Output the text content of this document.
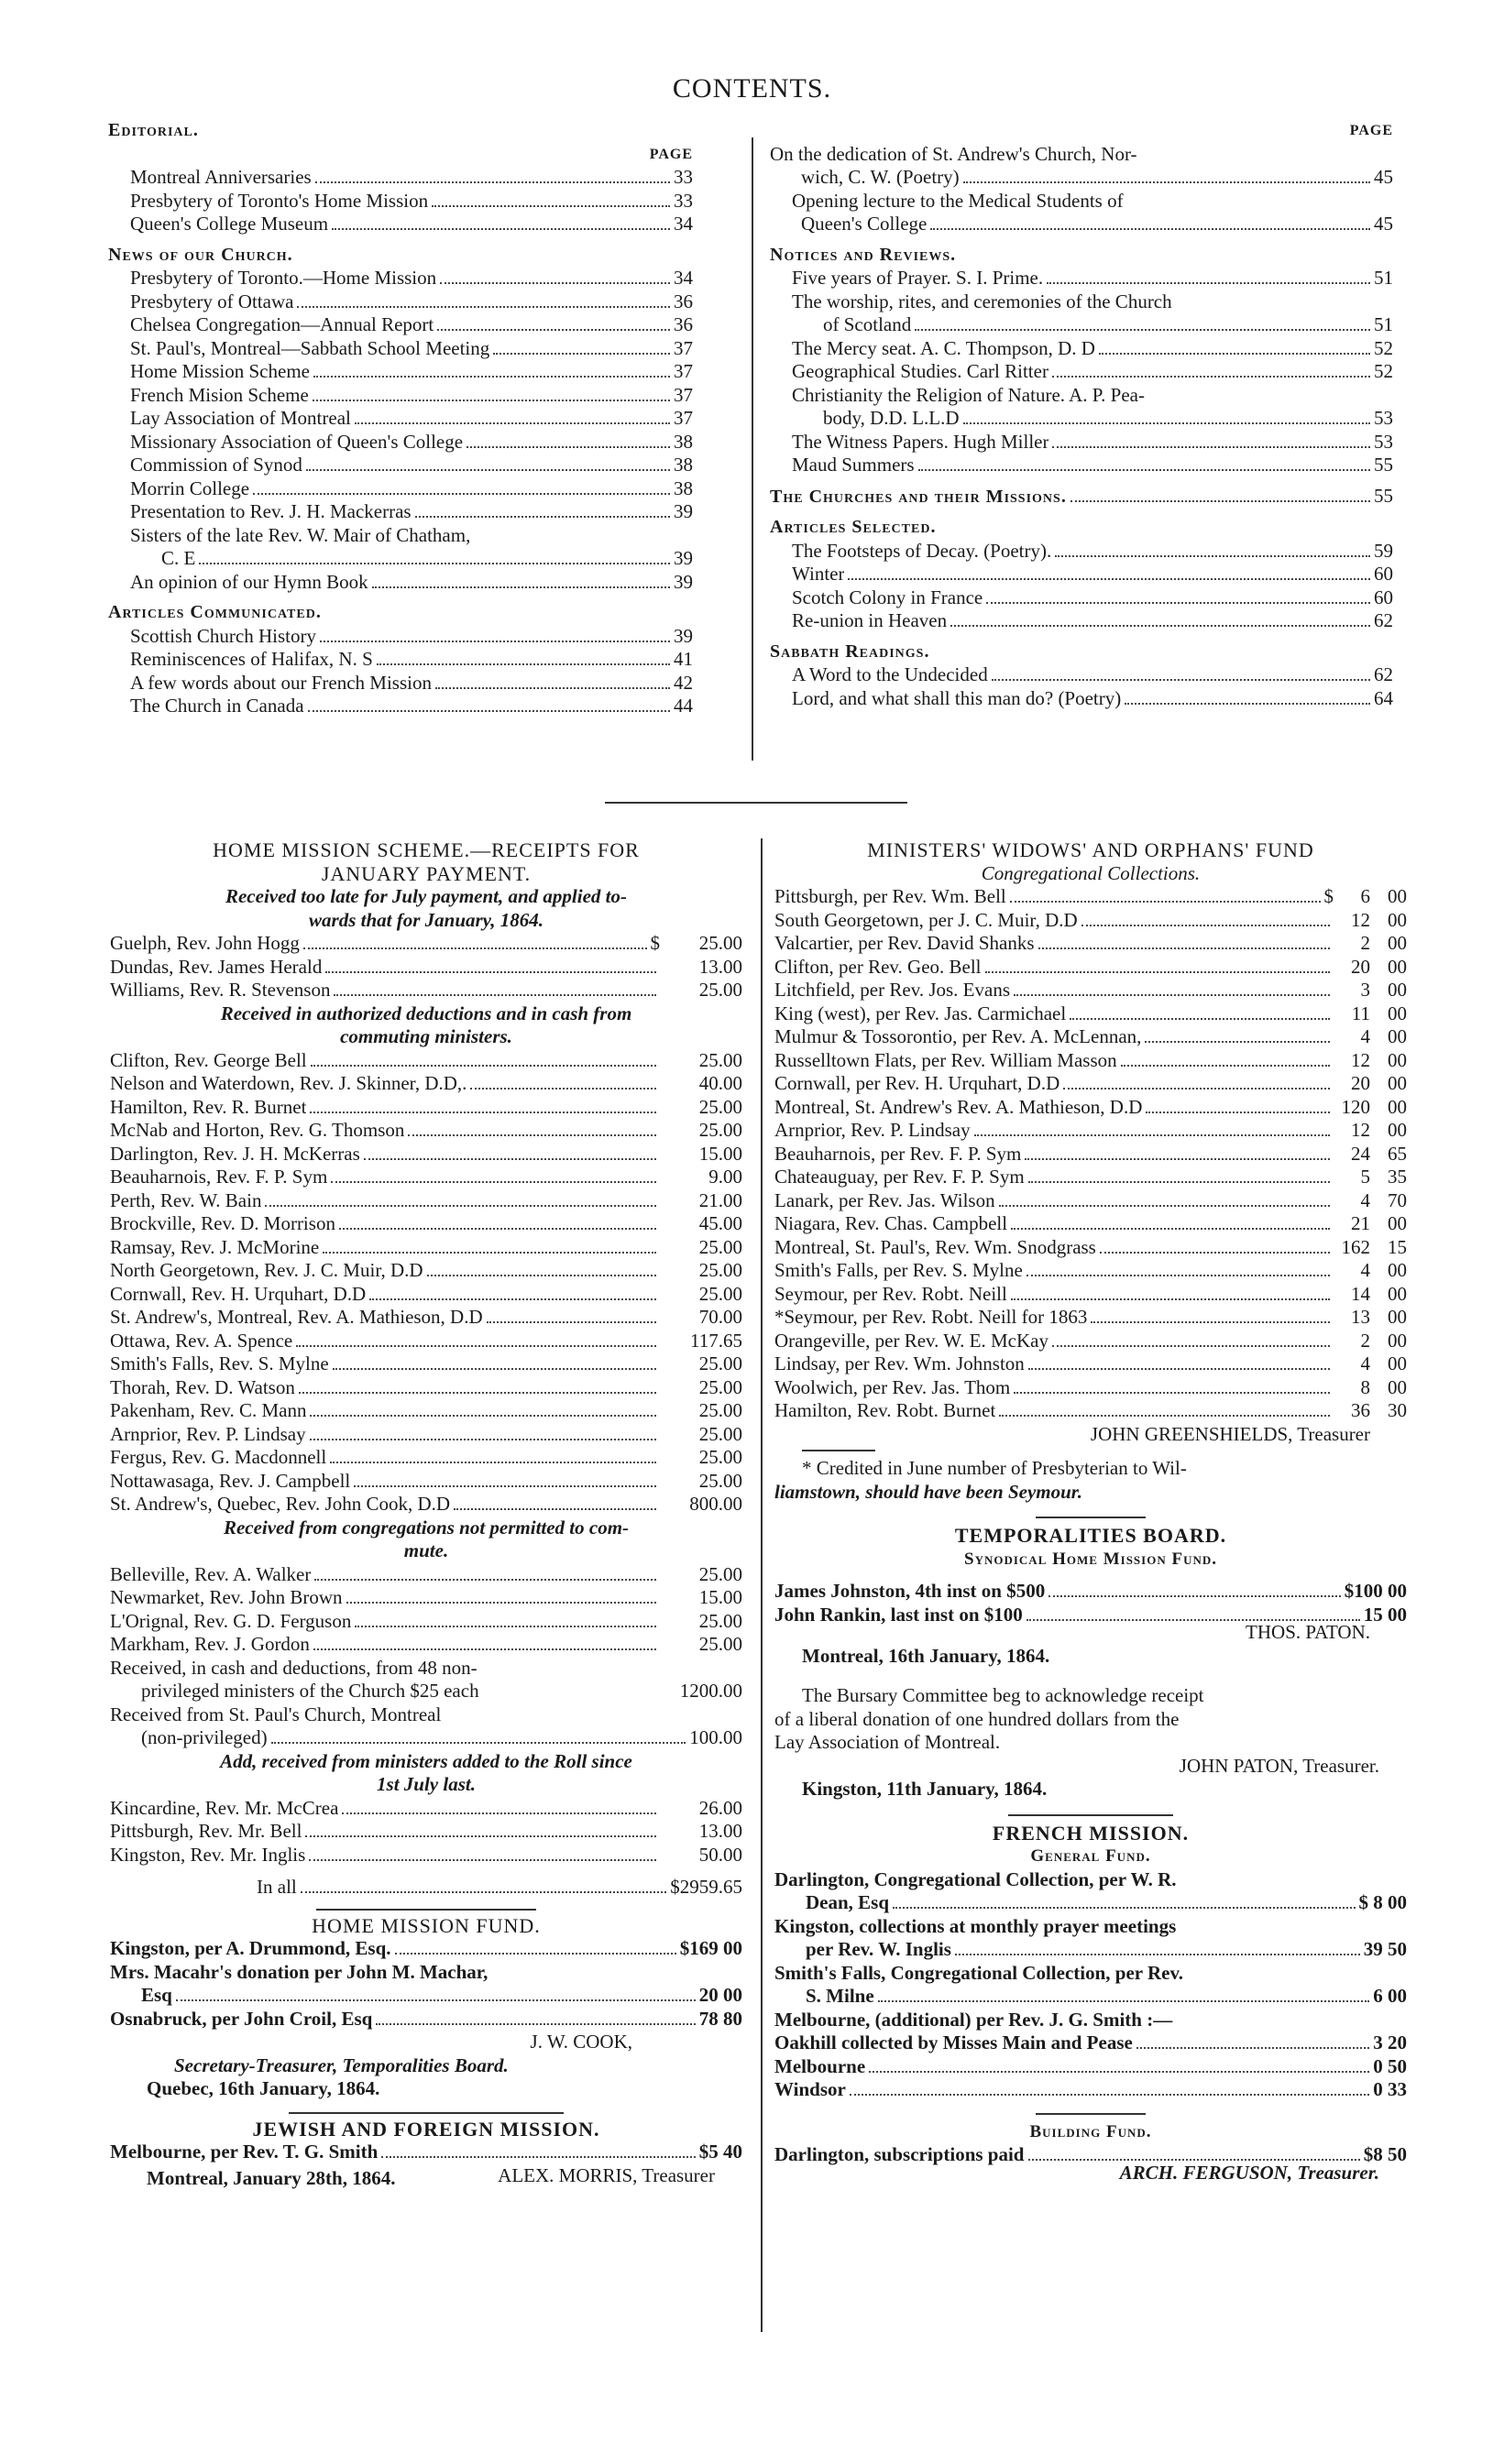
CONTENTS.
Editorial.
PAGE
Montreal Anniversaries	33
Presbytery of Toronto's Home Mission	33
Queen's College Museum	34
News of our Church.
Presbytery of Toronto.—Home Mission	34
Presbytery of Ottawa	36
Chelsea Congregation—Annual Report	36
St. Paul's, Montreal—Sabbath School Meeting	37
Home Mission Scheme	37
French Mision Scheme	37
Lay Association of Montreal	37
Missionary Association of Queen's College	38
Commission of Synod	38
Morrin College	38
Presentation to Rev. J. H. Mackerras	39
Sisters of the late Rev. W. Mair of Chatham,
C. E	39
An opinion of our Hymn Book	39
Articles Communicated.
Scottish Church History	39
Reminiscences of Halifax, N. S	41
A few words about our French Mission	42
The Church in Canada	44
PAGE
On the dedication of St. Andrew's Church, Nor-
wich, C. W. (Poetry)	45
Opening lecture to the Medical Students of
Queen's College	45
Notices and Reviews.
Five years of Prayer. S. I. Prime.	51
The worship, rites, and ceremonies of the Church
of Scotland	51
The Mercy seat. A. C. Thompson, D. D	52
Geographical Studies. Carl Ritter	52
Christianity the Religion of Nature. A. P. Pea-
body, D.D. L.L.D	53
The Witness Papers. Hugh Miller	53
Maud Summers	55
The Churches and their Missions.	55
Articles Selected.
The Footsteps of Decay. (Poetry).	59
Winter	60
Scotch Colony in France	60
Re-union in Heaven	62
Sabbath Readings.
A Word to the Undecided	62
Lord, and what shall this man do? (Poetry)	64
HOME MISSION SCHEME.—RECEIPTS FOR
JANUARY PAYMENT.
Received too late for July payment, and applied to-
wards that for January, 1864.
Guelph, Rev. John Hogg	$	25.00
Dundas, Rev. James Herald	13.00
Williams, Rev. R. Stevenson	25.00
Received in authorized deductions and in cash from
commuting ministers.
Clifton, Rev. George Bell	25.00
Nelson and Waterdown, Rev. J. Skinner, D.D,.	40.00
Hamilton, Rev. R. Burnet	25.00
McNab and Horton, Rev. G. Thomson	25.00
Darlington, Rev. J. H. McKerras	15.00
Beauharnois, Rev. F. P. Sym	9.00
Perth, Rev. W. Bain	21.00
Brockville, Rev. D. Morrison	45.00
Ramsay, Rev. J. McMorine	25.00
North Georgetown, Rev. J. C. Muir, D.D	25.00
Cornwall, Rev. H. Urquhart, D.D	25.00
St. Andrew's, Montreal, Rev. A. Mathieson, D.D	70.00
Ottawa, Rev. A. Spence	117.65
Smith's Falls, Rev. S. Mylne	25.00
Thorah, Rev. D. Watson	25.00
Pakenham, Rev. C. Mann	25.00
Arnprior, Rev. P. Lindsay	25.00
Fergus, Rev. G. Macdonnell	25.00
Nottawasaga, Rev. J. Campbell	25.00
St. Andrew's, Quebec, Rev. John Cook, D.D	800.00
Received from congregations not permitted to com-
mute.
Belleville, Rev. A. Walker	25.00
Newmarket, Rev. John Brown	15.00
L'Orignal, Rev. G. D. Ferguson	25.00
Markham, Rev. J. Gordon	25.00
Received, in cash and deductions, from 48 non-
privileged ministers of the Church $25 each	1200.00
Received from St. Paul's Church, Montreal
(non-privileged)	100.00
Add, received from ministers added to the Roll since
1st July last.
Kincardine, Rev. Mr. McCrea	26.00
Pittsburgh, Rev. Mr. Bell	13.00
Kingston, Rev. Mr. Inglis	50.00
In all	$2959.65
HOME MISSION FUND.
Kingston, per A. Drummond, Esq.	$169 00
Mrs. Macahr's donation per John M. Machar,
Esq	20 00
Osnabruck, per John Croil, Esq	78 80
J. W. COOK,
Secretary-Treasurer, Temporalities Board.
Quebec, 16th January, 1864.
JEWISH AND FOREIGN MISSION.
Melbourne, per Rev. T. G. Smith	$5 40
ALEX. MORRIS, Treasurer
Montreal, January 28th, 1864.
MINISTERS' WIDOWS' AND ORPHANS' FUND
Congregational Collections.
Pittsburgh, per Rev. Wm. Bell	$	6 00
South Georgetown, per J. C. Muir, D.D	12 00
Valcartier, per Rev. David Shanks	2 00
Clifton, per Rev. Geo. Bell	20 00
Litchfield, per Rev. Jos. Evans	3 00
King (west), per Rev. Jas. Carmichael	11 00
Mulmur & Tossorontio, per Rev. A. McLennan,	4 00
Russelltown Flats, per Rev. William Masson	12 00
Cornwall, per Rev. H. Urquhart, D.D	20 00
Montreal, St. Andrew's Rev. A. Mathieson, D.D	120 00
Arnprior, Rev. P. Lindsay	12 00
Beauharnois, per Rev. F. P. Sym	24 65
Chateauguay, per Rev. F. P. Sym	5 35
Lanark, per Rev. Jas. Wilson	4 70
Niagara, Rev. Chas. Campbell	21 00
Montreal, St. Paul's, Rev. Wm. Snodgrass	162 15
Smith's Falls, per Rev. S. Mylne	4 00
Seymour, per Rev. Robt. Neill	14 00
*Seymour, per Rev. Robt. Neill for 1863	13 00
Orangeville, per Rev. W. E. McKay	2 00
Lindsay, per Rev. Wm. Johnston	4 00
Woolwich, per Rev. Jas. Thom	8 00
Hamilton, Rev. Robt. Burnet	36 30
JOHN GREENSHIELDS, Treasurer
* Credited in June number of Presbyterian to Wil-
liamstown, should have been Seymour.
TEMPORALITIES BOARD.
Synodical Home Mission Fund.
James Johnston, 4th inst on $500	$100 00
John Rankin, last inst on $100	15 00
THOS. PATON.
Montreal, 16th January, 1864.
The Bursary Committee beg to acknowledge receipt
of a liberal donation of one hundred dollars from the
Lay Association of Montreal.
JOHN PATON, Treasurer.
Kingston, 11th January, 1864.
FRENCH MISSION.
General Fund.
Darlington, Congregational Collection, per W. R.
Dean, Esq	$ 8 00
Kingston, collections at monthly prayer meetings
per Rev. W. Inglis	39 50
Smith's Falls, Congregational Collection, per Rev.
S. Milne	6 00
Melbourne, (additional) per Rev. J. G. Smith :—
Oakhill collected by Misses Main and Pease	3 20
Melbourne	0 50
Windsor	0 33
Building Fund.
Darlington, subscriptions paid	$8 50
ARCH. FERGUSON, Treasurer.
